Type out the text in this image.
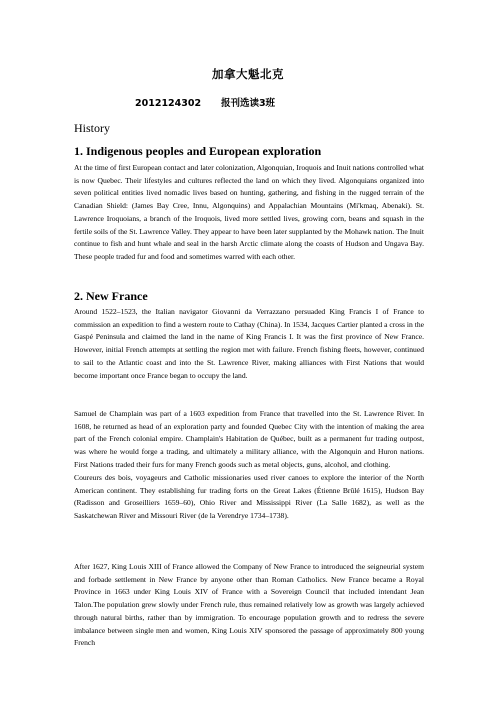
加拿大魁北克
2012124302      报刊选读3班
History
1. Indigenous peoples and European exploration

At the time of first European contact and later colonization, Algonquian, Iroquois and Inuit nations controlled what is now Quebec. Their lifestyles and cultures reflected the land on which they lived. Algonquians organized into seven political entities lived nomadic lives based on hunting, gathering, and fishing in the rugged terrain of the Canadian Shield: (James Bay Cree, Innu, Algonquins) and Appalachian Mountains (Mi'kmaq, Abenaki). St. Lawrence Iroquoians, a branch of the Iroquois, lived more settled lives, growing corn, beans and squash in the fertile soils of the St. Lawrence Valley. They appear to have been later supplanted by the Mohawk nation. The Inuit continue to fish and hunt whale and seal in the harsh Arctic climate along the coasts of Hudson and Ungava Bay. These people traded fur and food and sometimes warred with each other.

2. New France

Around 1522–1523, the Italian navigator Giovanni da Verrazzano persuaded King Francis I of France to commission an expedition to find a western route to Cathay (China). In 1534, Jacques Cartier planted a cross in the Gaspé Peninsula and claimed the land in the name of King Francis I. It was the first province of New France. However, initial French attempts at settling the region met with failure. French fishing fleets, however, continued to sail to the Atlantic coast and into the St. Lawrence River, making alliances with First Nations that would become important once France began to occupy the land.

Samuel de Champlain was part of a 1603 expedition from France that travelled into the St. Lawrence River. In 1608, he returned as head of an exploration party and founded Quebec City with the intention of making the area part of the French colonial empire. Champlain's Habitation de Québec, built as a permanent fur trading outpost, was where he would forge a trading, and ultimately a military alliance, with the Algonquin and Huron nations. First Nations traded their furs for many French goods such as metal objects, guns, alcohol, and clothing.

Coureurs des bois, voyageurs and Catholic missionaries used river canoes to explore the interior of the North American continent. They establishing fur trading forts on the Great Lakes (Étienne Brûlé 1615), Hudson Bay (Radisson and Groseilliers 1659–60), Ohio River and Mississippi River (La Salle 1682), as well as the Saskatchewan River and Missouri River (de la Verendrye 1734–1738).

After 1627, King Louis XIII of France allowed the Company of New France to introduced the seigneurial system and forbade settlement in New France by anyone other than Roman Catholics. New France became a Royal Province in 1663 under King Louis XIV of France with a Sovereign Council that included intendant Jean Talon.The population grew slowly under French rule, thus remained relatively low as growth was largely achieved through natural births, rather than by immigration. To encourage population growth and to redress the severe imbalance between single men and women, King Louis XIV sponsored the passage of approximately 800 young French
